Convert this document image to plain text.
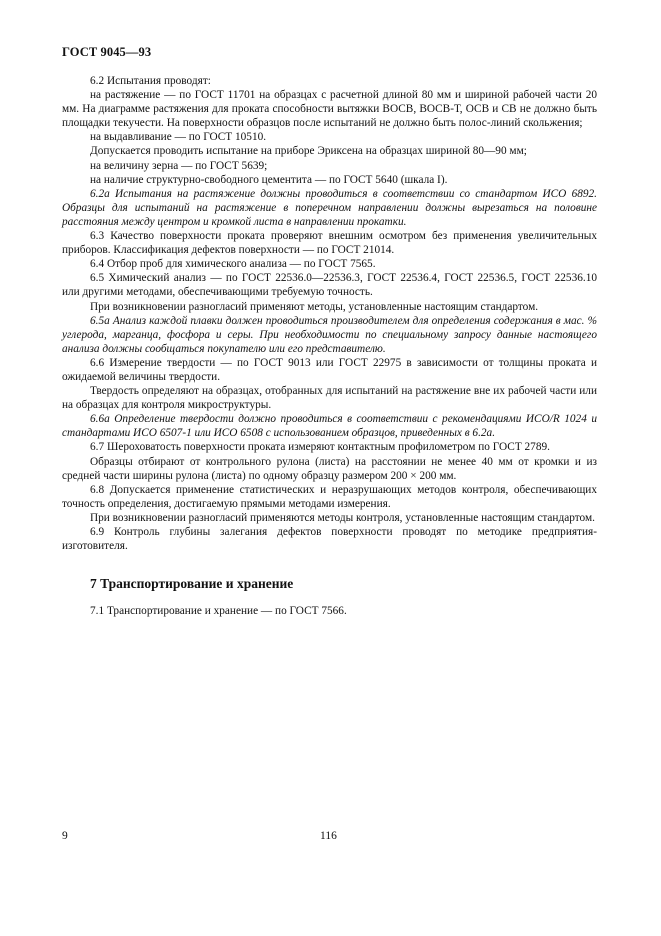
ГОСТ 9045—93

6.2 Испытания проводят:

на растяжение — по ГОСТ 11701 на образцах с расчетной длиной 80 мм и шириной рабочей части 20 мм. На диаграмме растяжения для проката способности вытяжки ВОСВ, ВОСВ-Т, ОСВ и СВ не должно быть площадки текучести. На поверхности образцов после испытаний не должно быть полос-линий скольжения;

на выдавливание — по ГОСТ 10510.

Допускается проводить испытание на приборе Эриксена на образцах шириной 80—90 мм;

на величину зерна — по ГОСТ 5639;

на наличие структурно-свободного цементита — по ГОСТ 5640 (шкала I).

6.2а Испытания на растяжение должны проводиться в соответствии со стандартом ИСО 6892. Образцы для испытаний на растяжение в поперечном направлении должны вырезаться на половине расстояния между центром и кромкой листа в направлении прокатки.

6.3 Качество поверхности проката проверяют внешним осмотром без применения увеличительных приборов. Классификация дефектов поверхности — по ГОСТ 21014.

6.4 Отбор проб для химического анализа — по ГОСТ 7565.

6.5 Химический анализ — по ГОСТ 22536.0—22536.3, ГОСТ 22536.4, ГОСТ 22536.5, ГОСТ 22536.10 или другими методами, обеспечивающими требуемую точность.

При возникновении разногласий применяют методы, установленные настоящим стандартом.

6.5а Анализ каждой плавки должен проводиться производителем для определения содержания в мас. % углерода, марганца, фосфора и серы. При необходимости по специальному запросу данные настоящего анализа должны сообщаться покупателю или его представителю.

6.6 Измерение твердости — по ГОСТ 9013 или ГОСТ 22975 в зависимости от толщины проката и ожидаемой величины твердости.

Твердость определяют на образцах, отобранных для испытаний на растяжение вне их рабочей части или на образцах для контроля микроструктуры.

6.6а Определение твердости должно проводиться в соответствии с рекомендациями ИСО/R 1024 и стандартами ИСО 6507-1 или ИСО 6508 с использованием образцов, приведенных в 6.2а.

6.7 Шероховатость поверхности проката измеряют контактным профилометром по ГОСТ 2789.

Образцы отбирают от контрольного рулона (листа) на расстоянии не менее 40 мм от кромки и из средней части ширины рулона (листа) по одному образцу размером 200 × 200 мм.

6.8 Допускается применение статистических и неразрушающих методов контроля, обеспечивающих точность определения, достигаемую прямыми методами измерения.

При возникновении разногласий применяются методы контроля, установленные настоящим стандартом.

6.9 Контроль глубины залегания дефектов поверхности проводят по методике предприятия-изготовителя.

7 Транспортирование и хранение
7.1 Транспортирование и хранение — по ГОСТ 7566.
9	116
